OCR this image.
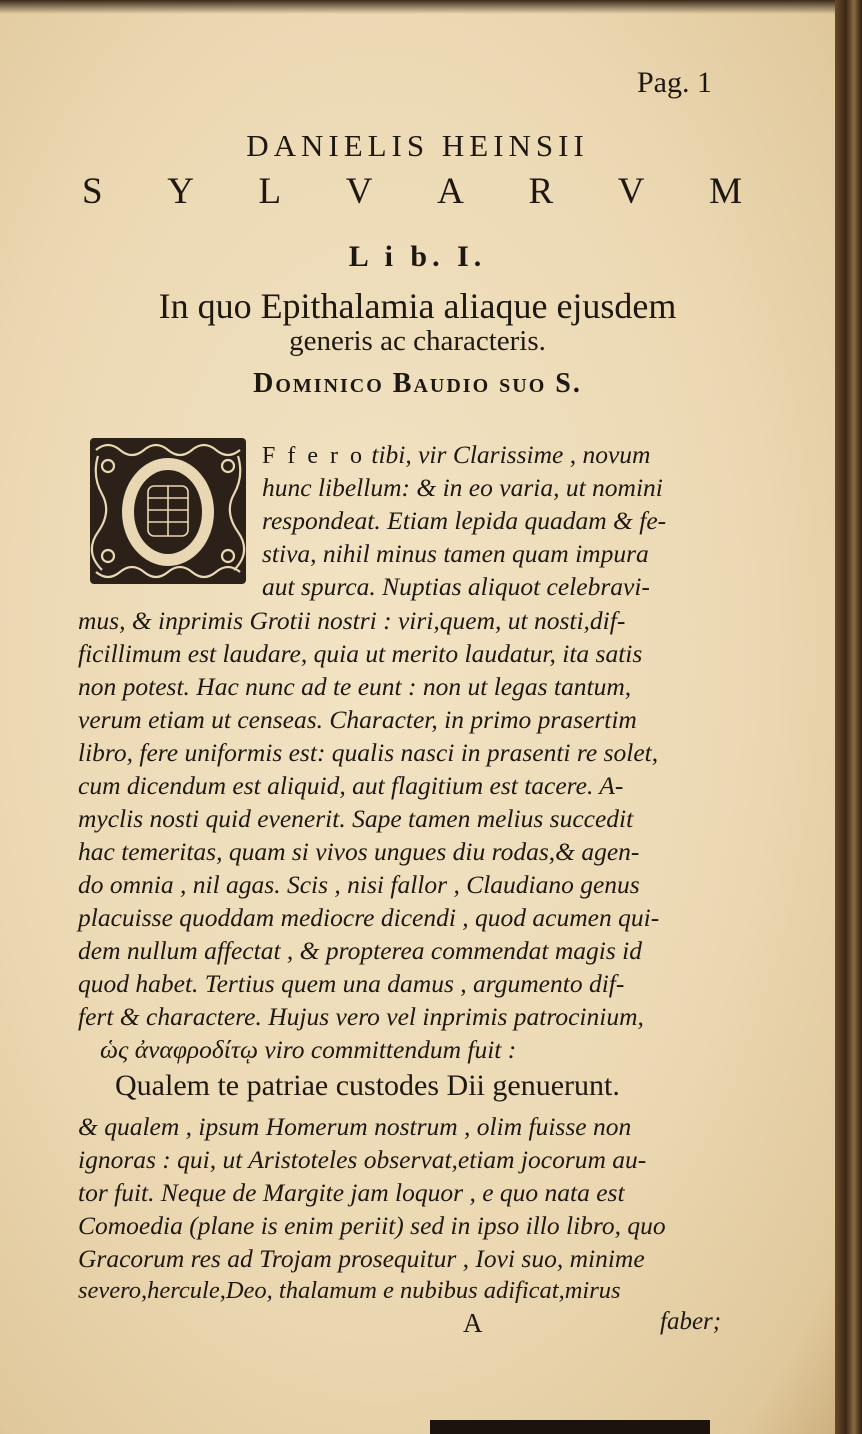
Pag. 1
DANIELIS HEINSII
S Y L V A R V M
L i b. I.
In quo Epithalamia aliaque ejusdem
generis ac characteris.
Dominico Baudio suo S.
F f e r o tibi, vir Clarissime , novum
hunc libellum: & in eo varia, ut nomini
respondeat. Etiam lepida quadam & fe-
stiva, nihil minus tamen quam impura
aut spurca. Nuptias aliquot celebravi-
mus, & inprimis Grotii nostri : viri,quem, ut nosti,dif-
ficillimum est laudare, quia ut merito laudatur, ita satis
non potest. Hac nunc ad te eunt : non ut legas tantum,
verum etiam ut censeas. Character, in primo prasertim
libro, fere uniformis est: qualis nasci in prasenti re solet,
cum dicendum est aliquid, aut flagitium est tacere. A-
myclis nosti quid evenerit. Sape tamen melius succedit
hac temeritas, quam si vivos ungues diu rodas,& agen-
do omnia , nil agas. Scis , nisi fallor , Claudiano genus
placuisse quoddam mediocre dicendi , quod acumen qui-
dem nullum affectat , & propterea commendat magis id
quod habet. Tertius quem una damus , argumento dif-
fert & charactere. Hujus vero vel inprimis patrocinium,
ὡς ἀναφροδίτῳ viro committendum fuit :
Qualem te patriae custodes Dii genuerunt.
& qualem , ipsum Homerum nostrum , olim fuisse non
ignoras : qui, ut Aristoteles observat,etiam jocorum au-
tor fuit. Neque de Margite jam loquor , e quo nata est
Comoedia (plane is enim periit) sed in ipso illo libro, quo
Gracorum res ad Trojam prosequitur , Iovi suo, minime
severo,hercule,Deo, thalamum e nubibus adificat,mirus
A	faber;
